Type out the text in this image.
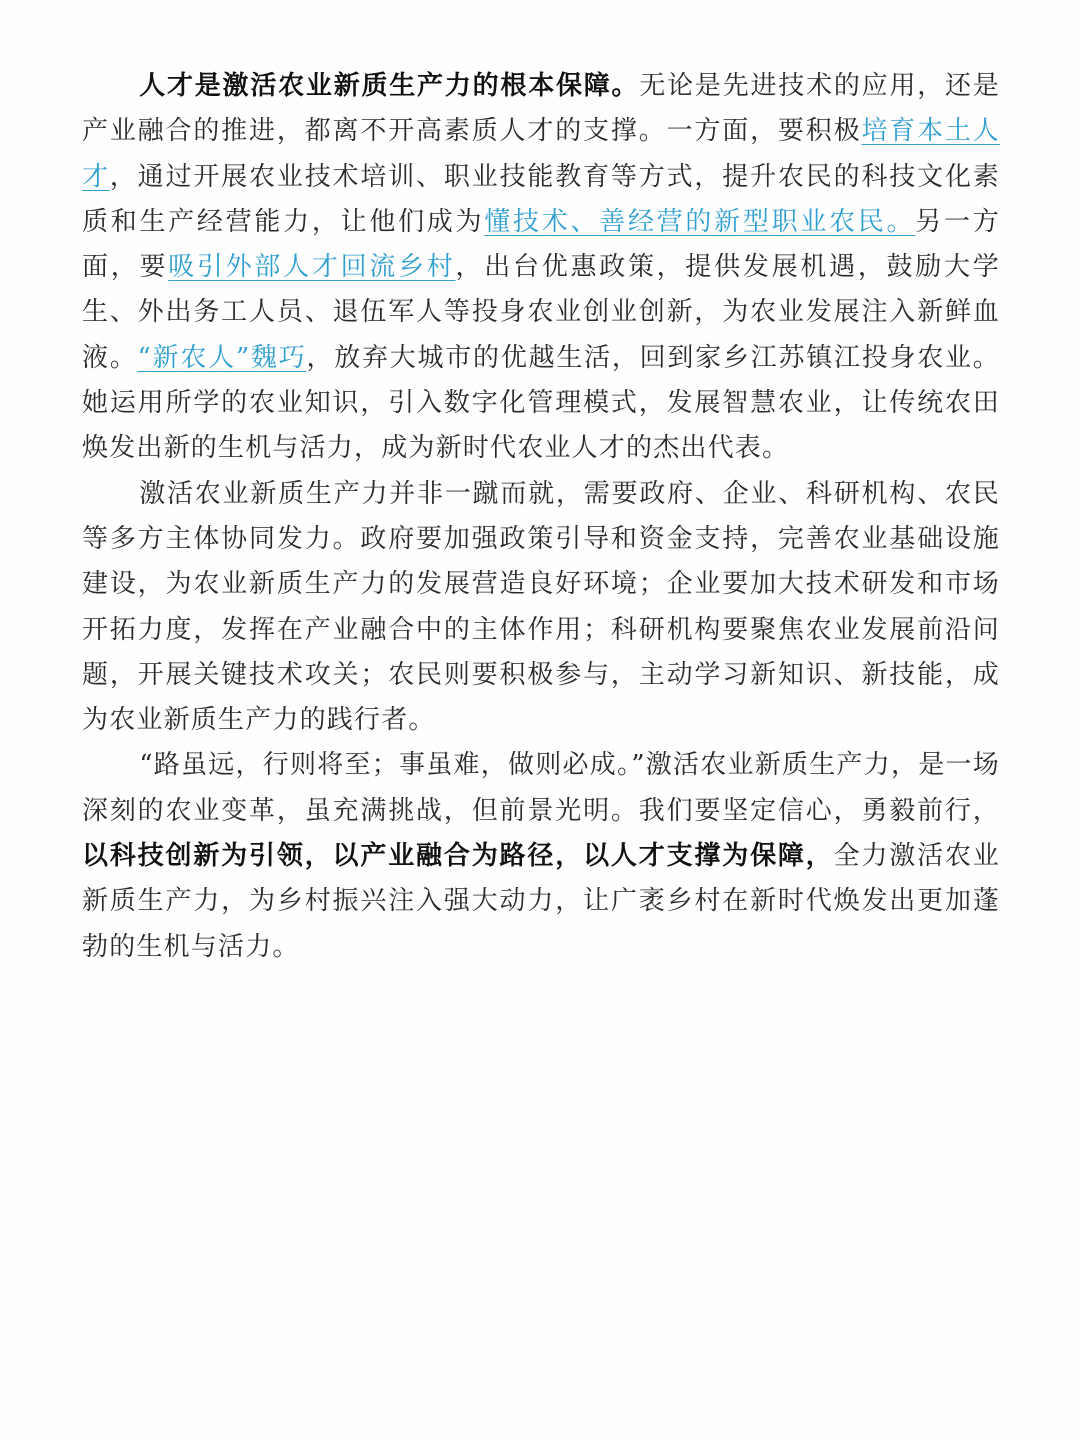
人才是激活农业新质生产力的根本保障。无论是先进技术的应用，还是产业融合的推进，都离不开高素质人才的支撑。一方面，要积极培育本土人才，通过开展农业技术培训、职业技能教育等方式，提升农民的科技文化素质和生产经营能力，让他们成为懂技术、善经营的新型职业农民。另一方面，要吸引外部人才回流乡村，出台优惠政策，提供发展机遇，鼓励大学生、外出务工人员、退伍军人等投身农业创业创新，为农业发展注入新鲜血液。“新农人”魏巧，放弃大城市的优越生活，回到家乡江苏镇江投身农业。她运用所学的农业知识，引入数字化管理模式，发展智慧农业，让传统农田焕发出新的生机与活力，成为新时代农业人才的杰出代表。

激活农业新质生产力并非一蹴而就，需要政府、企业、科研机构、农民等多方主体协同发力。政府要加强政策引导和资金支持，完善农业基础设施建设，为农业新质生产力的发展营造良好环境；企业要加大技术研发和市场开拓力度，发挥在产业融合中的主体作用；科研机构要聚焦农业发展前沿问题，开展关键技术攻关；农民则要积极参与，主动学习新知识、新技能，成为农业新质生产力的践行者。

“路虽远，行则将至；事虽难，做则必成。”激活农业新质生产力，是一场深刻的农业变革，虽充满挑战，但前景光明。我们要坚定信心，勇毅前行，以科技创新为引领，以产业融合为路径，以人才支撑为保障，全力激活农业新质生产力，为乡村振兴注入强大动力，让广袤乡村在新时代焕发出更加蓬勃的生机与活力。
